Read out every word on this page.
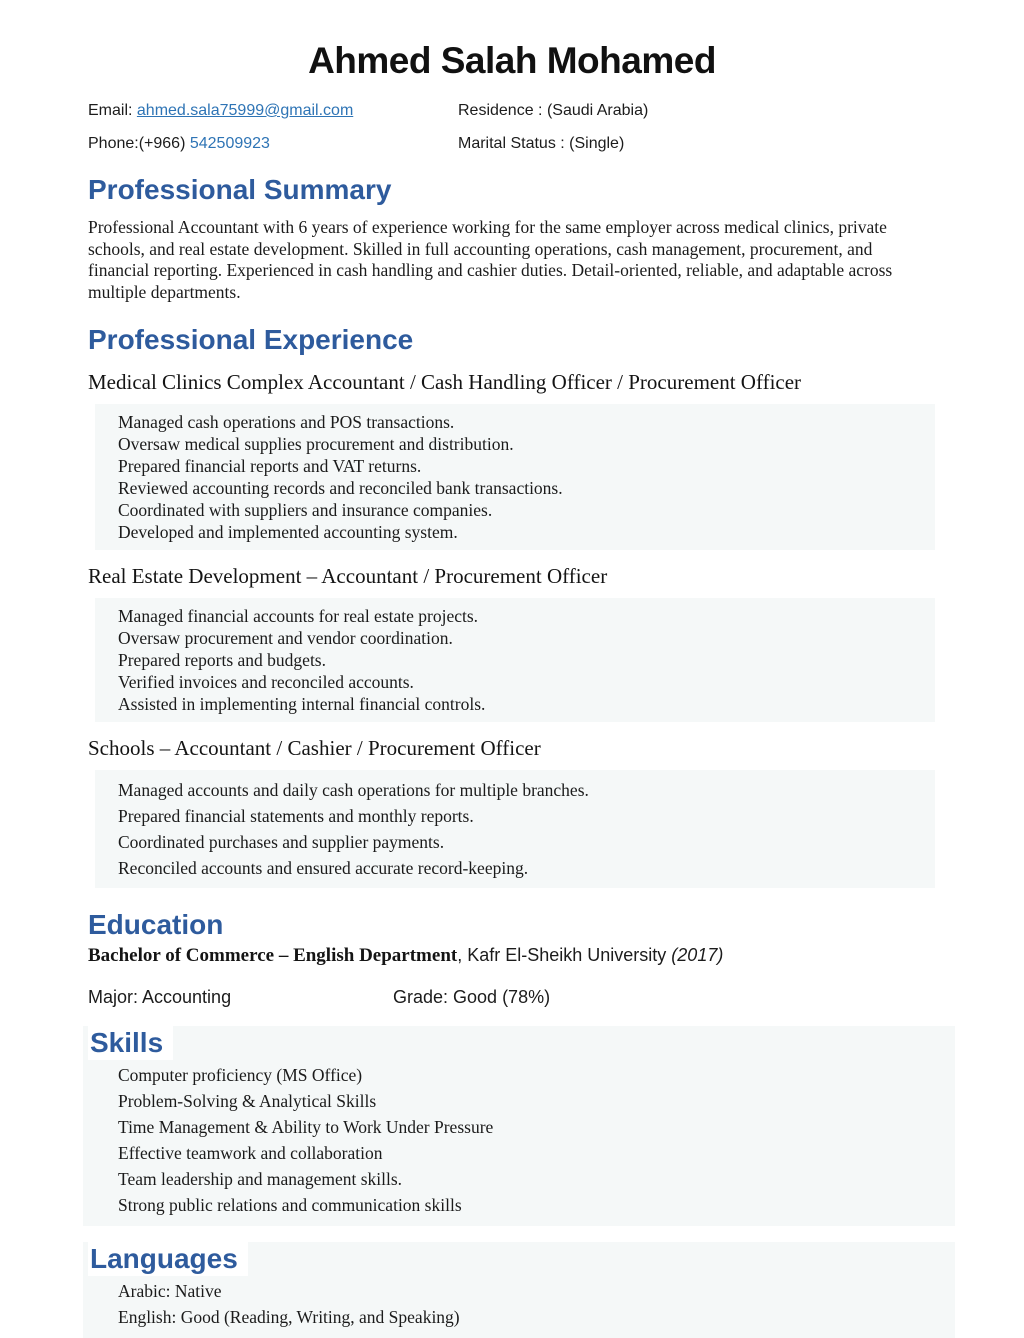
Ahmed Salah Mohamed
Email: ahmed.sala75999@gmail.com	Residence : (Saudi Arabia)
Phone:(+966) 542509923	Marital Status : (Single)
Professional Summary
Professional Accountant with 6 years of experience working for the same employer across medical clinics, private schools, and real estate development. Skilled in full accounting operations, cash management, procurement, and financial reporting. Experienced in cash handling and cashier duties. Detail-oriented, reliable, and adaptable across multiple departments.
Professional Experience
Medical Clinics Complex Accountant / Cash Handling Officer / Procurement Officer
Managed cash operations and POS transactions.
Oversaw medical supplies procurement and distribution.
Prepared financial reports and VAT returns.
Reviewed accounting records and reconciled bank transactions.
Coordinated with suppliers and insurance companies.
Developed and implemented accounting system.
Real Estate Development – Accountant / Procurement Officer
Managed financial accounts for real estate projects.
Oversaw procurement and vendor coordination.
Prepared reports and budgets.
Verified invoices and reconciled accounts.
Assisted in implementing internal financial controls.
Schools – Accountant / Cashier / Procurement Officer
Managed accounts and daily cash operations for multiple branches.
Prepared financial statements and monthly reports.
Coordinated purchases and supplier payments.
Reconciled accounts and ensured accurate record-keeping.
Education
Bachelor of Commerce – English Department, Kafr El-Sheikh University (2017)
Major: Accounting	Grade: Good (78%)
Skills
Computer proficiency (MS Office)
Problem-Solving & Analytical Skills
Time Management & Ability to Work Under Pressure
Effective teamwork and collaboration
Team leadership and management skills.
Strong public relations and communication skills
Languages
Arabic: Native
English: Good (Reading, Writing, and Speaking)
